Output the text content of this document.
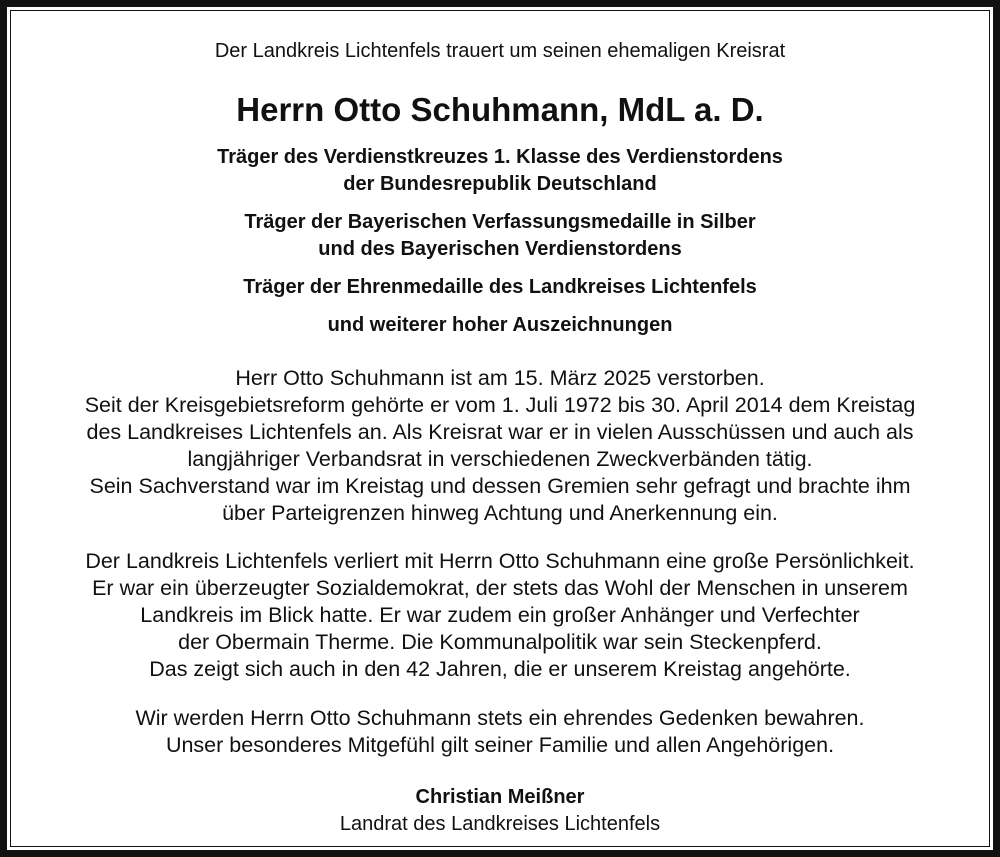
Der Landkreis Lichtenfels trauert um seinen ehemaligen Kreisrat
Herrn Otto Schuhmann, MdL a. D.
Träger des Verdienstkreuzes 1. Klasse des Verdienstordens
der Bundesrepublik Deutschland
Träger der Bayerischen Verfassungsmedaille in Silber
und des Bayerischen Verdienstordens
Träger der Ehrenmedaille des Landkreises Lichtenfels
und weiterer hoher Auszeichnungen
Herr Otto Schuhmann ist am 15. März 2025 verstorben.
Seit der Kreisgebietsreform gehörte er vom 1. Juli 1972 bis 30. April 2014 dem Kreistag
des Landkreises Lichtenfels an. Als Kreisrat war er in vielen Ausschüssen und auch als
langjähriger Verbandsrat in verschiedenen Zweckverbänden tätig.
Sein Sachverstand war im Kreistag und dessen Gremien sehr gefragt und brachte ihm
über Parteigrenzen hinweg Achtung und Anerkennung ein.
Der Landkreis Lichtenfels verliert mit Herrn Otto Schuhmann eine große Persönlichkeit.
Er war ein überzeugter Sozialdemokrat, der stets das Wohl der Menschen in unserem
Landkreis im Blick hatte. Er war zudem ein großer Anhänger und Verfechter
der Obermain Therme. Die Kommunalpolitik war sein Steckenpferd.
Das zeigt sich auch in den 42 Jahren, die er unserem Kreistag angehörte.
Wir werden Herrn Otto Schuhmann stets ein ehrendes Gedenken bewahren.
Unser besonderes Mitgefühl gilt seiner Familie und allen Angehörigen.
Christian Meißner
Landrat des Landkreises Lichtenfels
